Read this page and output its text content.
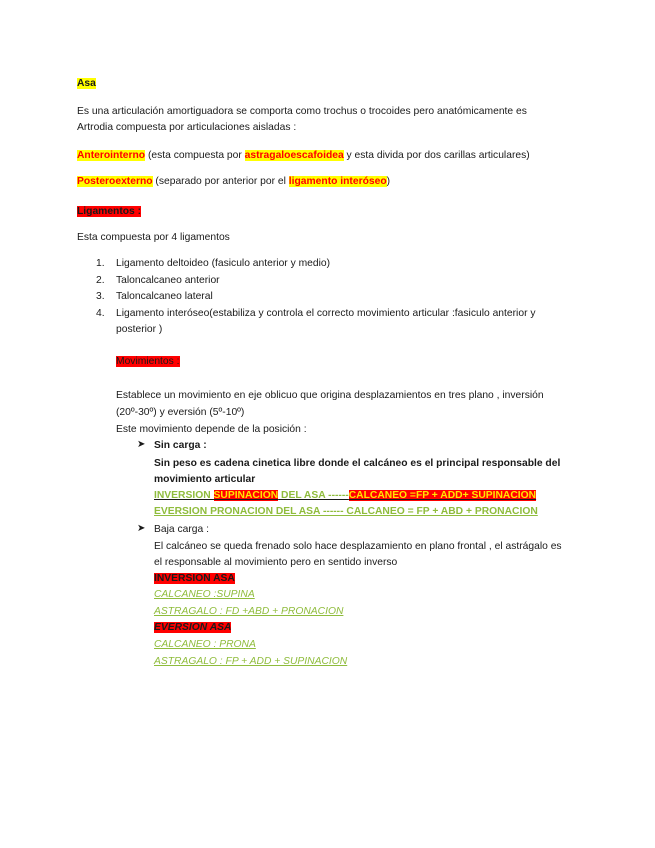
Asa
Es una articulación amortiguadora se comporta como trochus o trocoides pero anatómicamente es
Artrodia compuesta por articulaciones aisladas :
Anterointerno (esta compuesta por astragaloescafoidea y esta divida por dos carillas articulares)
Posteroexterno (separado por anterior por el ligamento interóseo)
Ligamentos :
Esta compuesta por 4 ligamentos
1. Ligamento deltoideo (fasiculo anterior y medio)
2. Taloncalcaneo anterior
3. Taloncalcaneo lateral
4. Ligamento interóseo(estabiliza y controla el correcto movimiento articular :fasiculo anterior y
posterior )
Movimientos :
Establece un movimiento en eje oblicuo que origina desplazamientos en tres plano , inversión
(20º-30º) y eversión (5º-10º)
Este movimiento depende de la posición :
➤ Sin carga :
Sin peso es cadena cinetica libre donde el calcáneo es el principal responsable del
movimiento articular
INVERSION SUPINACION DEL ASA ------CALCANEO =FP + ADD+ SUPINACION
EVERSION PRONACION DEL ASA ------ CALCANEO = FP + ABD + PRONACION
➤ Baja carga :
El calcáneo se queda frenado solo hace desplazamiento en plano frontal , el astrágalo es
el responsable al movimiento pero en sentido inverso
INVERSION ASA
CALCANEO :SUPINA
ASTRAGALO : FD +ABD + PRONACION
EVERSION ASA
CALCANEO : PRONA
ASTRAGALO : FP + ADD + SUPINACION
